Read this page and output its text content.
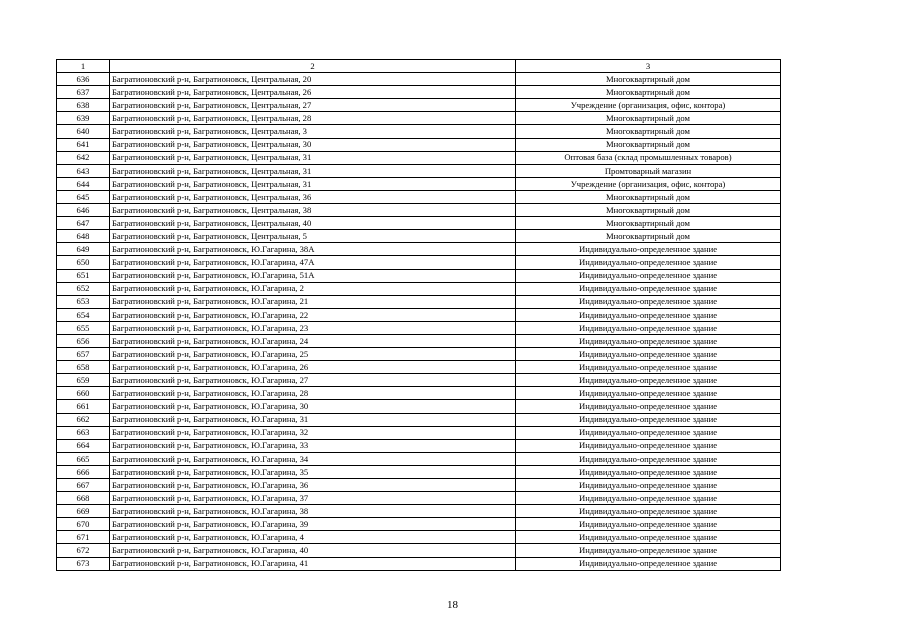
1	2	3
636	Багратионовский р-н, Багратионовск, Центральная, 20	Многоквартирный дом
637	Багратионовский р-н, Багратионовск, Центральная, 26	Многоквартирный дом
638	Багратионовский р-н, Багратионовск, Центральная, 27	Учреждение (организация, офис, контора)
639	Багратионовский р-н, Багратионовск, Центральная, 28	Многоквартирный дом
640	Багратионовский р-н, Багратионовск, Центральная, 3	Многоквартирный дом
641	Багратионовский р-н, Багратионовск, Центральная, 30	Многоквартирный дом
642	Багратионовский р-н, Багратионовск, Центральная, 31	Оптовая база (склад промышленных товаров)
643	Багратионовский р-н, Багратионовск, Центральная, 31	Промтоварный магазин
644	Багратионовский р-н, Багратионовск, Центральная, 31	Учреждение (организация, офис, контора)
645	Багратионовский р-н, Багратионовск, Центральная, 36	Многоквартирный дом
646	Багратионовский р-н, Багратионовск, Центральная, 38	Многоквартирный дом
647	Багратионовский р-н, Багратионовск, Центральная, 40	Многоквартирный дом
648	Багратионовский р-н, Багратионовск, Центральная, 5	Многоквартирный дом
649	Багратионовский р-н, Багратионовск, Ю.Гагарина, 38А	Индивидуально-определенное здание
650	Багратионовский р-н, Багратионовск, Ю.Гагарина, 47А	Индивидуально-определенное здание
651	Багратионовский р-н, Багратионовск, Ю.Гагарина, 51А	Индивидуально-определенное здание
652	Багратионовский р-н, Багратионовск, Ю.Гагарина, 2	Индивидуально-определенное здание
653	Багратионовский р-н, Багратионовск, Ю.Гагарина, 21	Индивидуально-определенное здание
654	Багратионовский р-н, Багратионовск, Ю.Гагарина, 22	Индивидуально-определенное здание
655	Багратионовский р-н, Багратионовск, Ю.Гагарина, 23	Индивидуально-определенное здание
656	Багратионовский р-н, Багратионовск, Ю.Гагарина, 24	Индивидуально-определенное здание
657	Багратионовский р-н, Багратионовск, Ю.Гагарина, 25	Индивидуально-определенное здание
658	Багратионовский р-н, Багратионовск, Ю.Гагарина, 26	Индивидуально-определенное здание
659	Багратионовский р-н, Багратионовск, Ю.Гагарина, 27	Индивидуально-определенное здание
660	Багратионовский р-н, Багратионовск, Ю.Гагарина, 28	Индивидуально-определенное здание
661	Багратионовский р-н, Багратионовск, Ю.Гагарина, 30	Индивидуально-определенное здание
662	Багратионовский р-н, Багратионовск, Ю.Гагарина, 31	Индивидуально-определенное здание
663	Багратионовский р-н, Багратионовск, Ю.Гагарина, 32	Индивидуально-определенное здание
664	Багратионовский р-н, Багратионовск, Ю.Гагарина, 33	Индивидуально-определенное здание
665	Багратионовский р-н, Багратионовск, Ю.Гагарина, 34	Индивидуально-определенное здание
666	Багратионовский р-н, Багратионовск, Ю.Гагарина, 35	Индивидуально-определенное здание
667	Багратионовский р-н, Багратионовск, Ю.Гагарина, 36	Индивидуально-определенное здание
668	Багратионовский р-н, Багратионовск, Ю.Гагарина, 37	Индивидуально-определенное здание
669	Багратионовский р-н, Багратионовск, Ю.Гагарина, 38	Индивидуально-определенное здание
670	Багратионовский р-н, Багратионовск, Ю.Гагарина, 39	Индивидуально-определенное здание
671	Багратионовский р-н, Багратионовск, Ю.Гагарина, 4	Индивидуально-определенное здание
672	Багратионовский р-н, Багратионовск, Ю.Гагарина, 40	Индивидуально-определенное здание
673	Багратионовский р-н, Багратионовск, Ю.Гагарина, 41	Индивидуально-определенное здание
18
